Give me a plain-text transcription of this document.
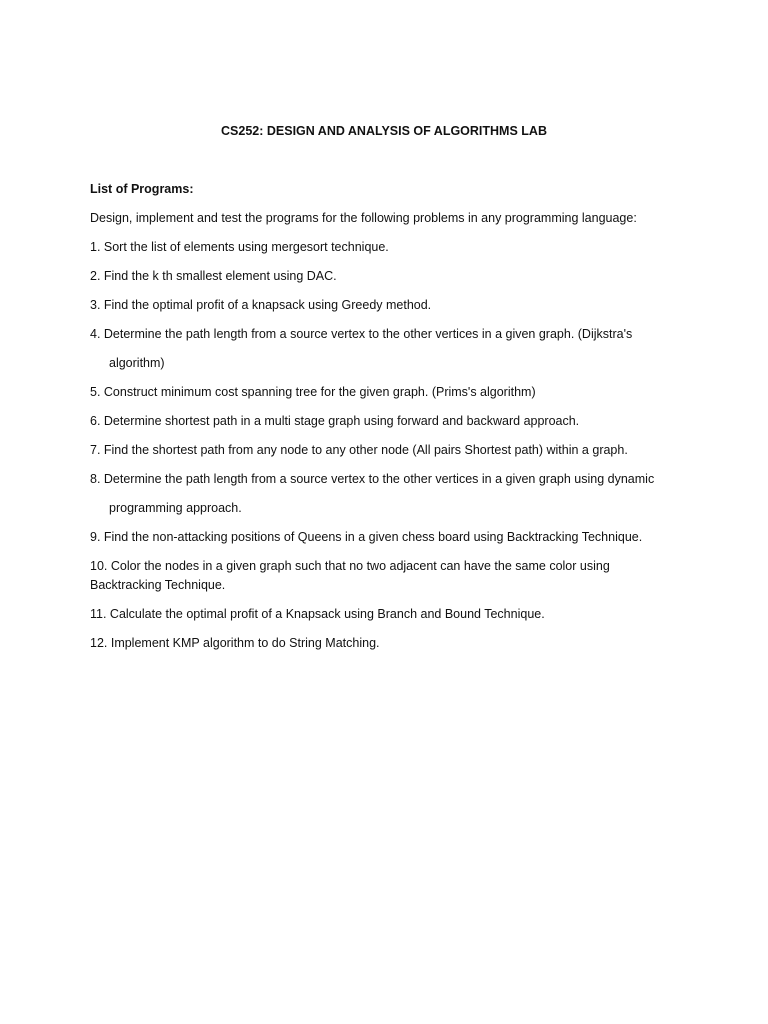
CS252: DESIGN AND ANALYSIS OF ALGORITHMS LAB
List of Programs:
Design, implement and test the programs for the following problems in any programming language:
1. Sort the list of elements using mergesort technique.
2. Find the k th smallest element using DAC.
3. Find the optimal profit of a knapsack using Greedy method.
4. Determine the path length from a source vertex to the other vertices in a given graph. (Dijkstra's
algorithm)
5. Construct minimum cost spanning tree for the given graph. (Prims's algorithm)
6. Determine shortest path in a multi stage graph using forward and backward approach.
7. Find the shortest path from any node to any other node (All pairs Shortest path) within a graph.
8. Determine the path length from a source vertex to the other vertices in a given graph using dynamic
programming approach.
9. Find the non-attacking positions of Queens in a given chess board using Backtracking Technique.
10. Color the nodes in a given graph such that no two adjacent can have the same color using
Backtracking Technique.
11. Calculate the optimal profit of a Knapsack using Branch and Bound Technique.
12. Implement KMP algorithm to do String Matching.
